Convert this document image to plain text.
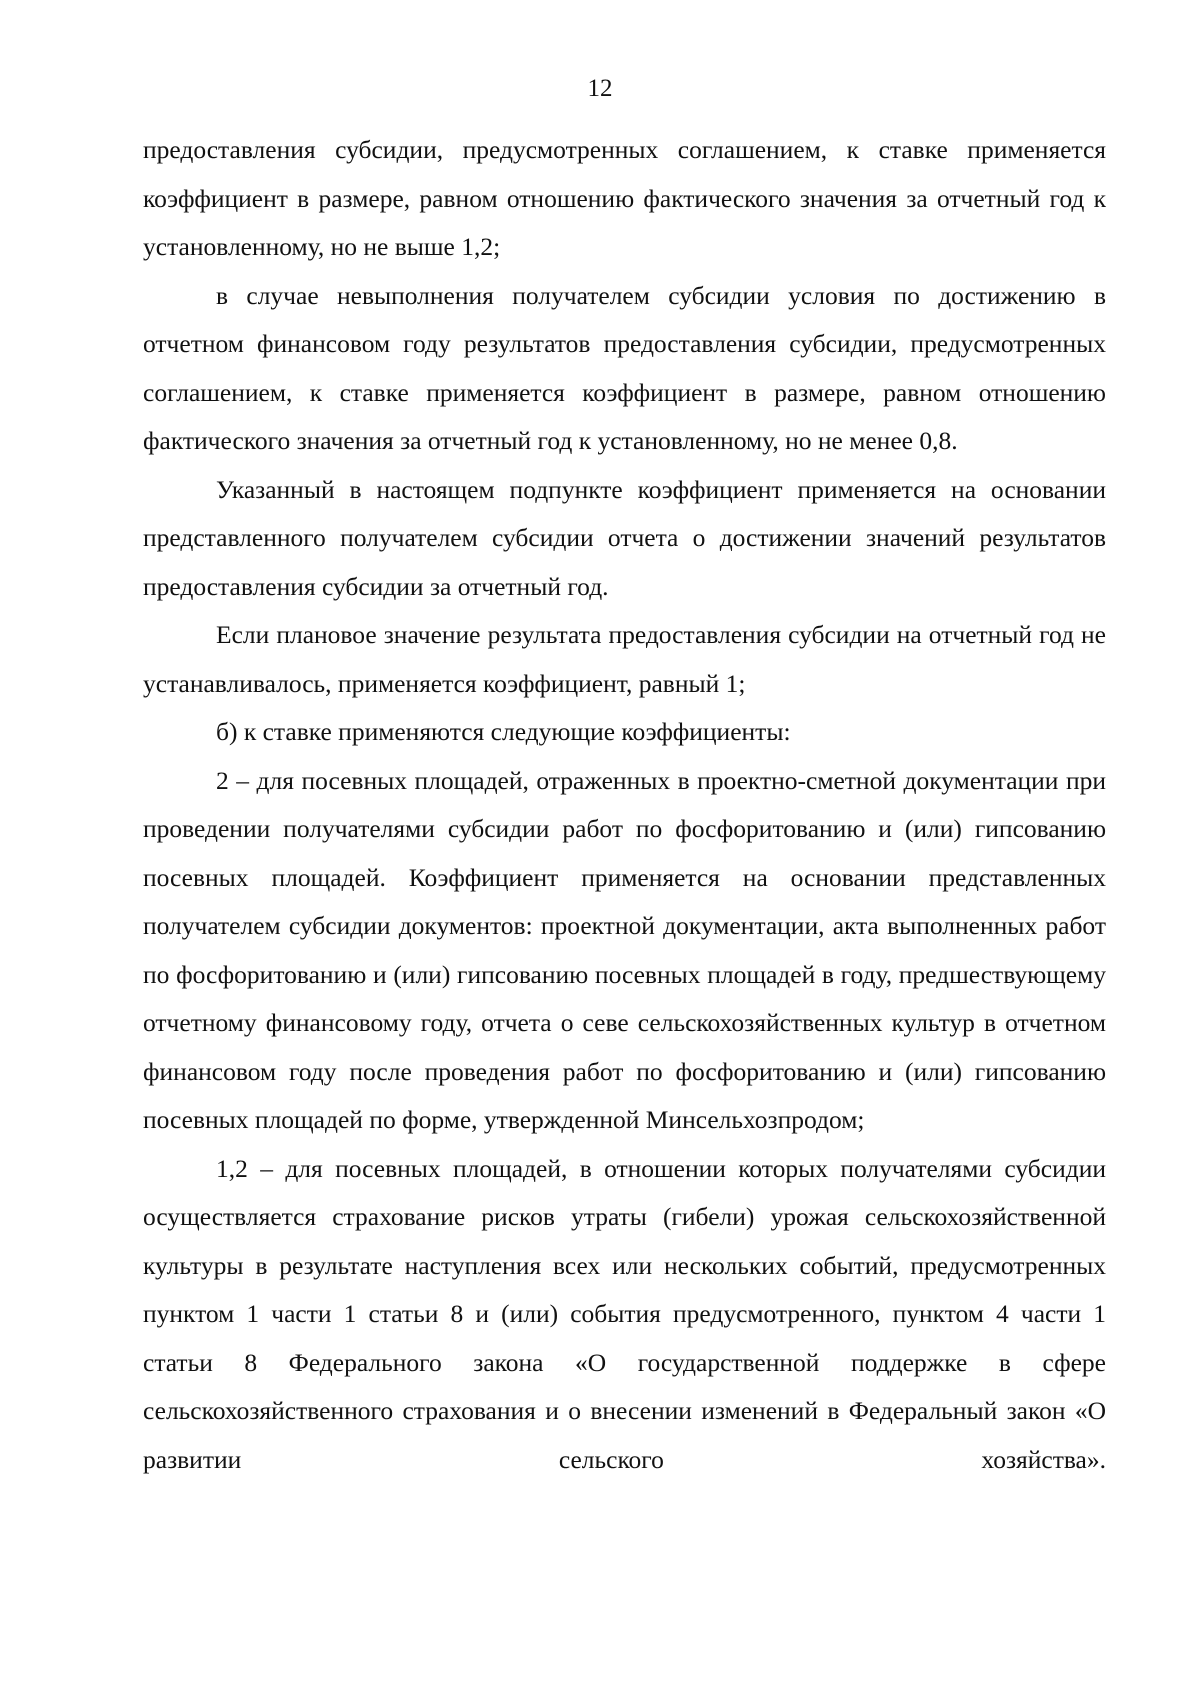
12

предоставления субсидии, предусмотренных соглашением, к ставке применяется коэффициент в размере, равном отношению фактического значения за отчетный год к установленному, но не выше 1,2;

в случае невыполнения получателем субсидии условия по достижению в отчетном финансовом году результатов предоставления субсидии, предусмотренных соглашением, к ставке применяется коэффициент в размере, равном отношению фактического значения за отчетный год к установленному, но не менее 0,8.

Указанный в настоящем подпункте коэффициент применяется на основании представленного получателем субсидии отчета о достижении значений результатов предоставления субсидии за отчетный год.

Если плановое значение результата предоставления субсидии на отчетный год не устанавливалось, применяется коэффициент, равный 1;

б) к ставке применяются следующие коэффициенты:

2 – для посевных площадей, отраженных в проектно-сметной документации при проведении получателями субсидии работ по фосфоритованию и (или) гипсованию посевных площадей. Коэффициент применяется на основании представленных получателем субсидии документов: проектной документации, акта выполненных работ по фосфоритованию и (или) гипсованию посевных площадей в году, предшествующему отчетному финансовому году, отчета о севе сельскохозяйственных культур в отчетном финансовом году после проведения работ по фосфоритованию и (или) гипсованию посевных площадей по форме, утвержденной Минсельхозпродом;

1,2 – для посевных площадей, в отношении которых получателями субсидии осуществляется страхование рисков утраты (гибели) урожая сельскохозяйственной культуры в результате наступления всех или нескольких событий, предусмотренных пунктом 1 части 1 статьи 8 и (или) события предусмотренного, пунктом 4 части 1 статьи 8 Федерального закона «О государственной поддержке в сфере сельскохозяйственного страхования и о внесении изменений в Федеральный закон «О развитии сельского хозяйства».
